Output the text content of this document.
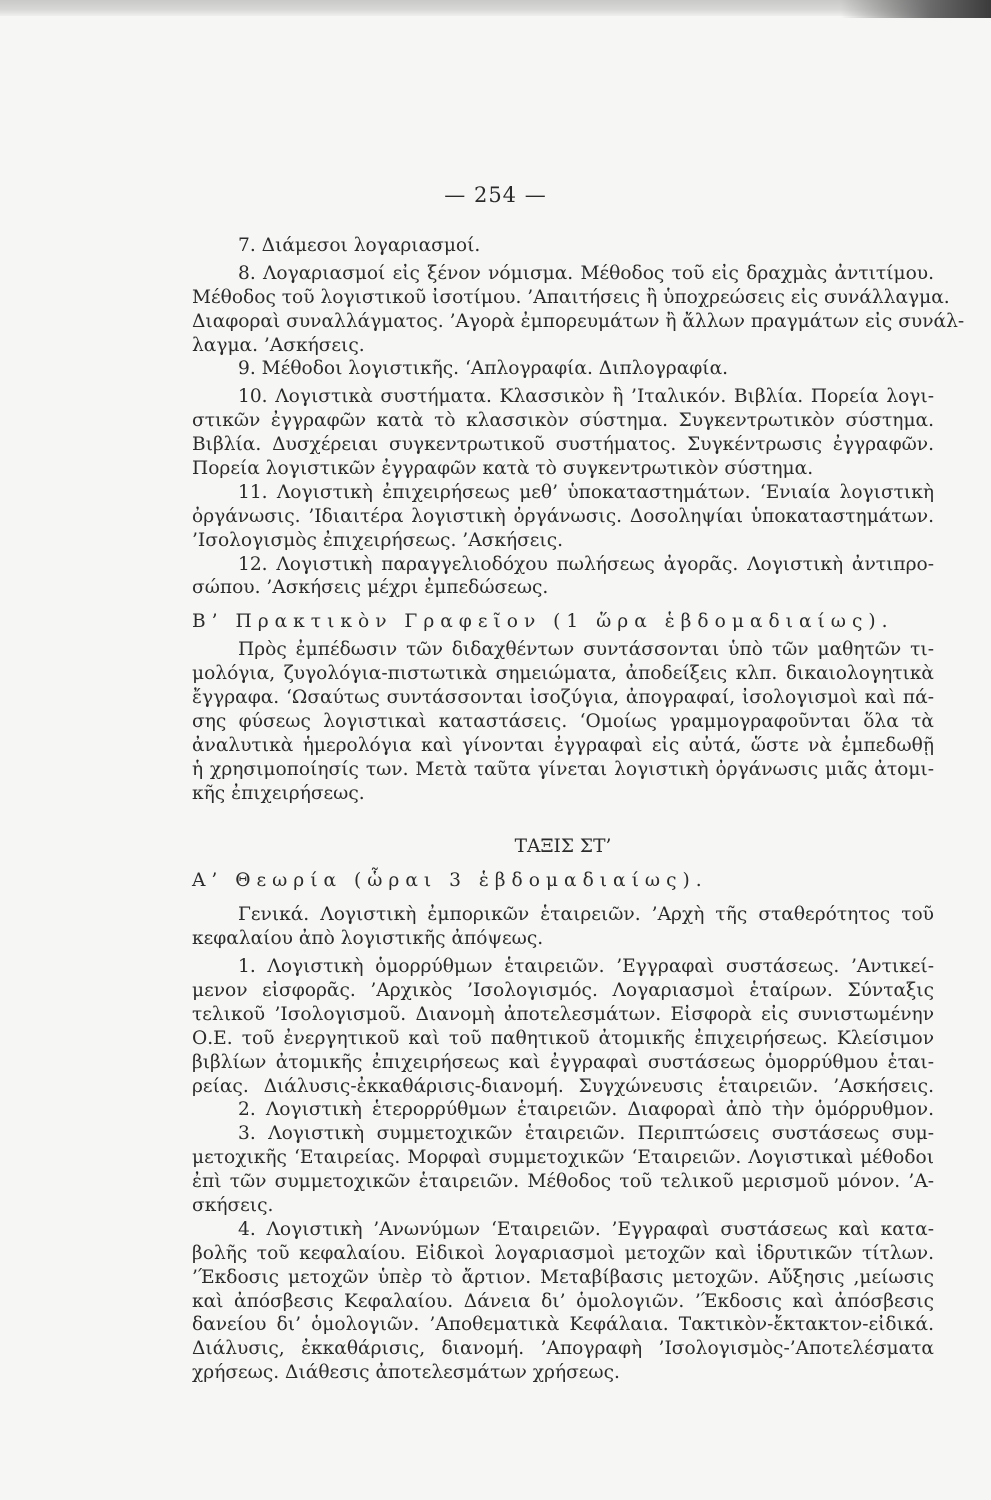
— 254 —
7. Διάμεσοι λογαριασμοί.
8. Λογαριασμοί εἰς ξένον νόμισμα. Μέθοδος τοῦ εἰς δραχμὰς ἀντιτίμου.
Μέθοδος τοῦ λογιστικοῦ ἰσοτίμου. ’Απαιτήσεις ἢ ὑποχρεώσεις εἰς συνάλλαγμα.
Διαφοραὶ συναλλάγματος. ’Αγορὰ ἐμπορευμάτων ἢ ἄλλων πραγμάτων εἰς συνάλ-
λαγμα. ’Ασκήσεις.
9. Μέθοδοι λογιστικῆς. ‘Απλογραφία. Διπλογραφία.
10. Λογιστικὰ συστήματα. Κλασσικὸν ἢ ’Ιταλικόν. Βιβλία. Πορεία λογι-
στικῶν ἐγγραφῶν κατὰ τὸ κλασσικὸν σύστημα. Συγκεντρωτικὸν σύστημα.
Βιβλία. Δυσχέρειαι συγκεντρωτικοῦ συστήματος. Συγκέντρωσις ἐγγραφῶν.
Πορεία λογιστικῶν ἐγγραφῶν κατὰ τὸ συγκεντρωτικὸν σύστημα.
11. Λογιστικὴ ἐπιχειρήσεως μεθ’ ὑποκαταστημάτων. ‘Ενιαία λογιστικὴ
ὀργάνωσις. ’Ιδιαιτέρα λογιστικὴ ὀργάνωσις. Δοσοληψίαι ὑποκαταστημάτων.
’Ισολογισμὸς ἐπιχειρήσεως. ’Ασκήσεις.
12. Λογιστικὴ παραγγελιοδόχου πωλήσεως ἀγορᾶς. Λογιστικὴ ἀντιπρο-
σώπου. ’Ασκήσεις μέχρι ἐμπεδώσεως.
Β’ Πρακτικὸν Γραφεῖον (1 ὥρα ἑβδομαδιαίως).
Πρὸς ἐμπέδωσιν τῶν διδαχθέντων συντάσσονται ὑπὸ τῶν μαθητῶν τι-
μολόγια, ζυγολόγια-πιστωτικὰ σημειώματα, ἀποδείξεις κλπ. δικαιολογητικὰ
ἔγγραφα. ‘Ωσαύτως συντάσσονται ἰσοζύγια, ἀπογραφαί, ἰσολογισμοὶ καὶ πά-
σης φύσεως λογιστικαὶ καταστάσεις. ‘Ομοίως γραμμογραφοῦνται ὅλα τὰ
ἀναλυτικὰ ἡμερολόγια καὶ γίνονται ἐγγραφαὶ εἰς αὐτά, ὥστε νὰ ἐμπεδωθῇ
ἡ χρησιμοποίησίς των. Μετὰ ταῦτα γίνεται λογιστικὴ ὀργάνωσις μιᾶς ἀτομι-
κῆς ἐπιχειρήσεως.
ΤΑΞΙΣ ΣΤ’
Α’ Θεωρία (ὧραι 3 ἑβδομαδιαίως).
Γενικά. Λογιστικὴ ἐμπορικῶν ἑταιρειῶν. ’Αρχὴ τῆς σταθερότητος τοῦ
κεφαλαίου ἀπὸ λογιστικῆς ἀπόψεως.
1. Λογιστικὴ ὁμορρύθμων ἑταιρειῶν. ’Εγγραφαὶ συστάσεως. ’Αντικεί-
μενον εἰσφορᾶς. ’Αρχικὸς ’Ισολογισμός. Λογαριασμοὶ ἑταίρων. Σύνταξις
τελικοῦ ’Ισολογισμοῦ. Διανομὴ ἀποτελεσμάτων. Εἰσφορὰ εἰς συνιστωμένην
Ο.Ε. τοῦ ἐνεργητικοῦ καὶ τοῦ παθητικοῦ ἀτομικῆς ἐπιχειρήσεως. Κλείσιμον
βιβλίων ἀτομικῆς ἐπιχειρήσεως καὶ ἐγγραφαὶ συστάσεως ὁμορρύθμου ἑται-
ρείας. Διάλυσις-ἐκκαθάρισις-διανομή. Συγχώνευσις ἑταιρειῶν. ’Ασκήσεις.
2. Λογιστικὴ ἑτερορρύθμων ἑταιρειῶν. Διαφοραὶ ἀπὸ τὴν ὁμόρρυθμον.
3. Λογιστικὴ συμμετοχικῶν ἑταιρειῶν. Περιπτώσεις συστάσεως συμ-
μετοχικῆς ‘Εταιρείας. Μορφαὶ συμμετοχικῶν ‘Εταιρειῶν. Λογιστικαὶ μέθοδοι
ἐπὶ τῶν συμμετοχικῶν ἑταιρειῶν. Μέθοδος τοῦ τελικοῦ μερισμοῦ μόνον. ’Α-
σκήσεις.
4. Λογιστικὴ ’Ανωνύμων ‘Εταιρειῶν. ’Εγγραφαὶ συστάσεως καὶ κατα-
βολῆς τοῦ κεφαλαίου. Εἰδικοὶ λογαριασμοὶ μετοχῶν καὶ ἱδρυτικῶν τίτλων.
’Έκδοσις μετοχῶν ὑπὲρ τὸ ἄρτιον. Μεταβίβασις μετοχῶν. Αὔξησις ,μείωσις
καὶ ἀπόσβεσις Κεφαλαίου. Δάνεια δι’ ὁμολογιῶν. ’Έκδοσις καὶ ἀπόσβεσις
δανείου δι’ ὁμολογιῶν. ’Αποθεματικὰ Κεφάλαια. Τακτικὸν-ἔκτακτον-εἰδικά.
Διάλυσις, ἐκκαθάρισις, διανομή. ’Απογραφὴ ’Ισολογισμὸς-’Αποτελέσματα
χρήσεως. Διάθεσις ἀποτελεσμάτων χρήσεως.
